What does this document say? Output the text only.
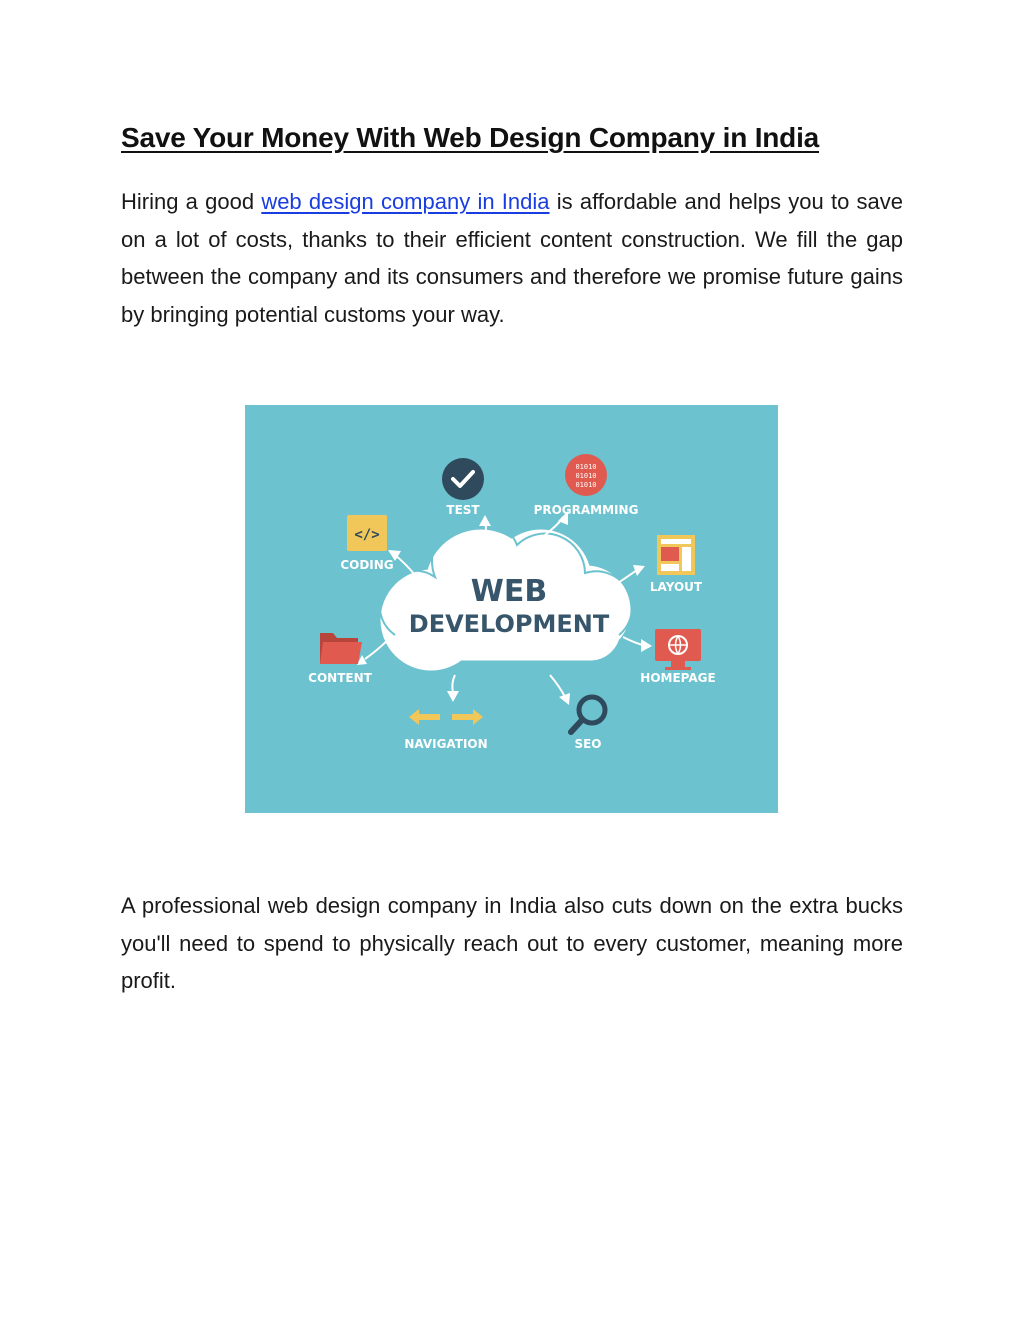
Save Your Money With Web Design Company in India

Hiring a good web design company in India is affordable and helps you to save on a lot of costs, thanks to their efficient content construction. We fill the gap between the company and its consumers and therefore we promise future gains by bringing potential customs your way.

WEB
DEVELOPMENT
TEST
01010
01010
01010
PROGRAMMING
</>
CODING
LAYOUT
CONTENT	HOMEPAGE
NAVIGATION	SEO

A professional web design company in India also cuts down on the extra bucks you'll need to spend to physically reach out to every customer, meaning more profit.
